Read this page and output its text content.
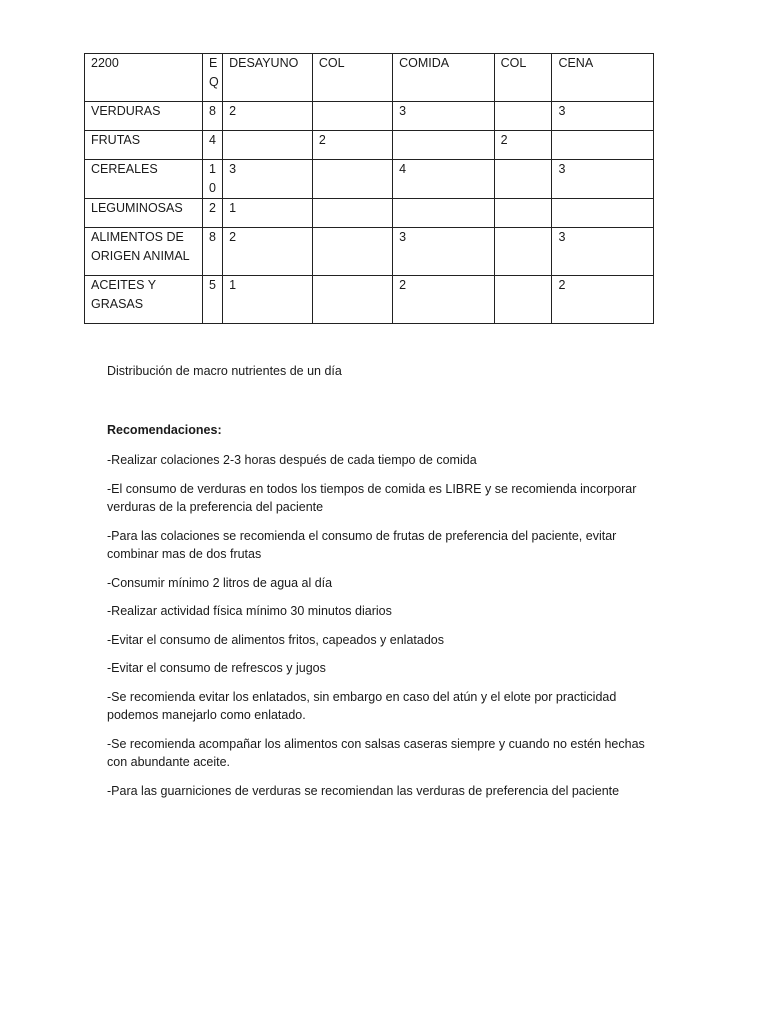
2200	E Q	DESAYUNO	COL	COMIDA	COL	CENA
VERDURAS	8	2		3		3
FRUTAS	4		2		2	
CEREALES	10	3		4		3
LEGUMINOSAS	2	1				
ALIMENTOS DE ORIGEN ANIMAL	8	2		3		3
ACEITES Y GRASAS	5	1		2		2
Distribución de macro nutrientes de un día
Recomendaciones:
-Realizar colaciones 2-3 horas después de cada tiempo de comida
-El consumo de verduras en todos los tiempos de comida es LIBRE y se recomienda incorporar verduras de la preferencia del paciente
-Para las colaciones se recomienda el consumo de frutas de preferencia del paciente, evitar combinar mas de dos frutas
-Consumir mínimo 2 litros de agua al día
-Realizar actividad física mínimo 30 minutos diarios
-Evitar el consumo de alimentos fritos, capeados y enlatados
-Evitar el consumo de refrescos y jugos
-Se recomienda evitar los enlatados, sin embargo en caso del atún y el elote por practicidad podemos manejarlo como enlatado.
-Se recomienda acompañar los alimentos con salsas caseras siempre y cuando no estén hechas con abundante aceite.
-Para las guarniciones de verduras se recomiendan las verduras de preferencia del paciente
